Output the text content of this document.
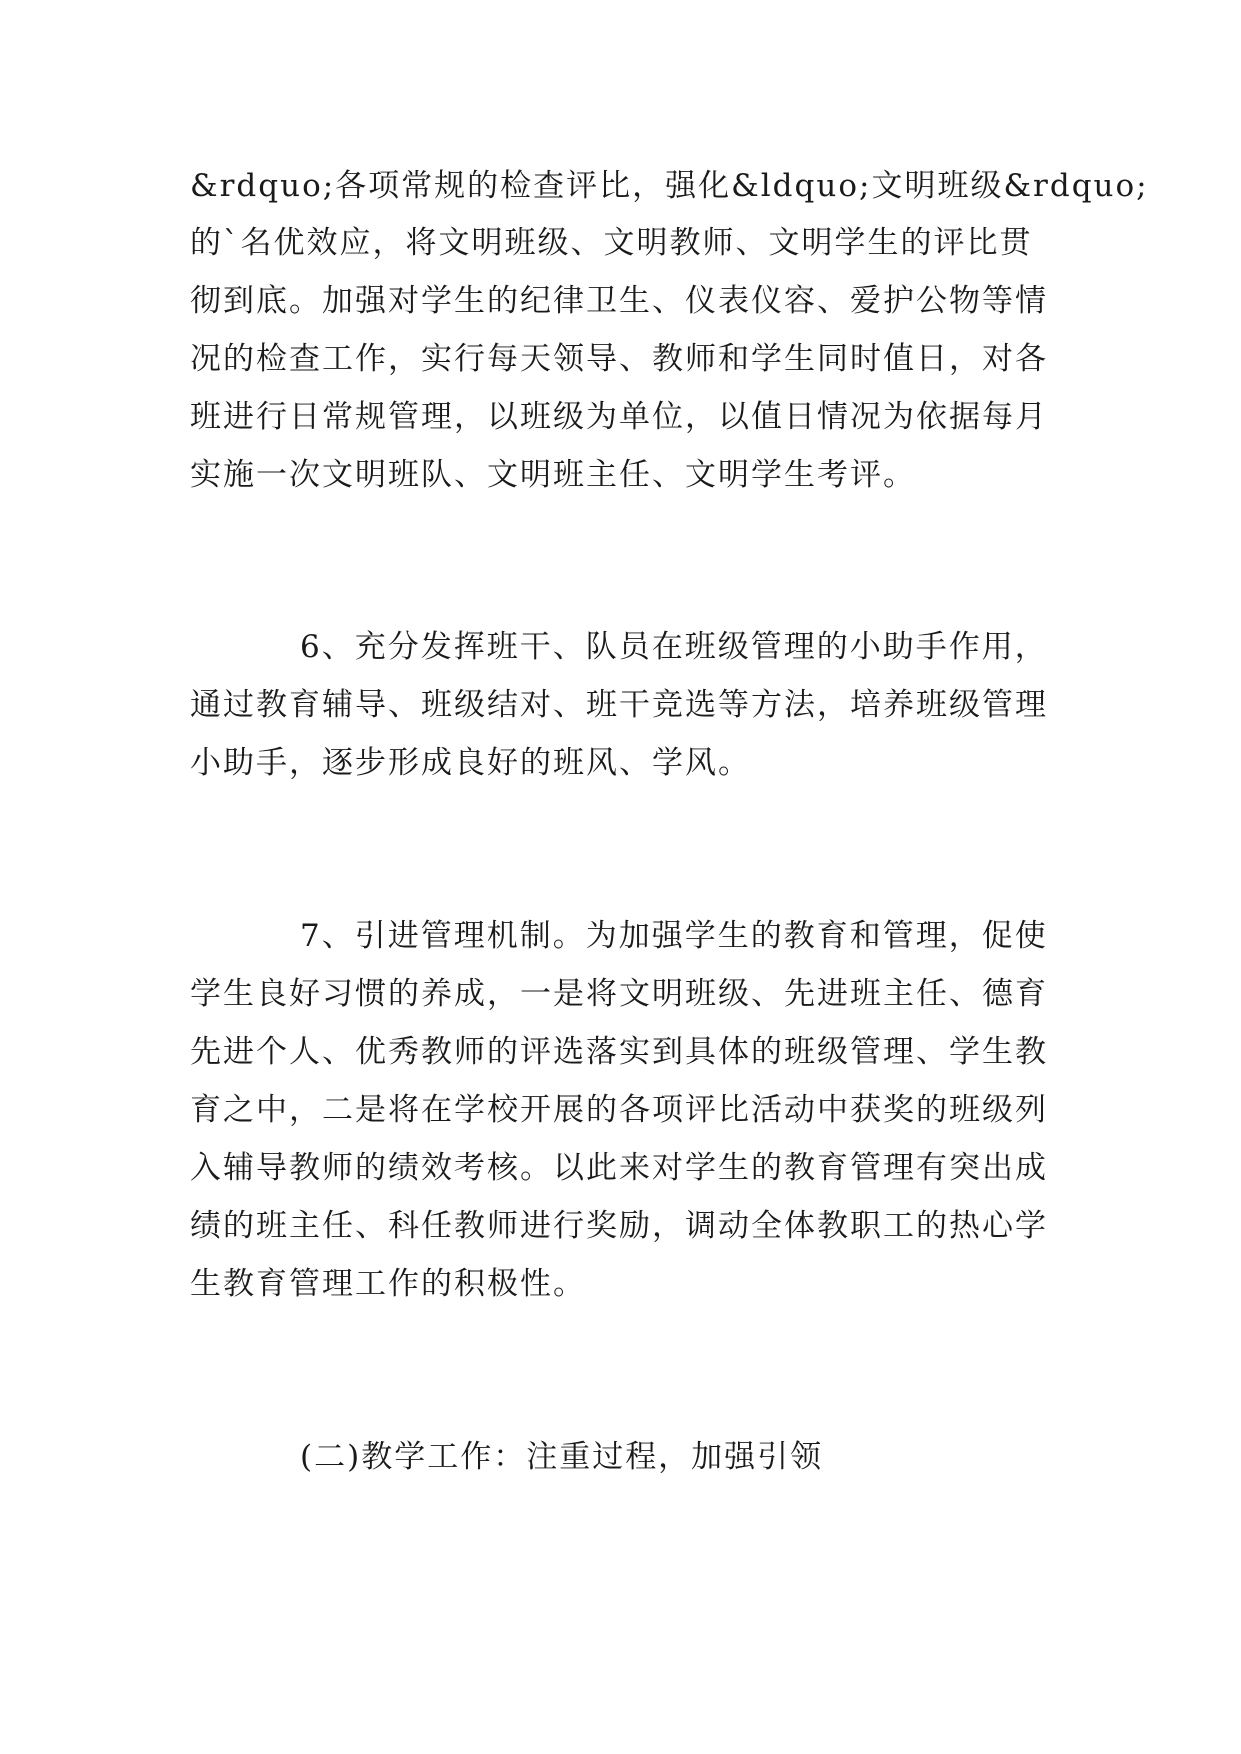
&rdquo;各项常规的检查评比，强化&ldquo;文明班级&rdquo;
的`名优效应，将文明班级、文明教师、文明学生的评比贯
彻到底。加强对学生的纪律卫生、仪表仪容、爱护公物等情
况的检查工作，实行每天领导、教师和学生同时值日，对各
班进行日常规管理，以班级为单位，以值日情况为依据每月
实施一次文明班队、文明班主任、文明学生考评。
6、充分发挥班干、队员在班级管理的小助手作用，
通过教育辅导、班级结对、班干竞选等方法，培养班级管理
小助手，逐步形成良好的班风、学风。
7、引进管理机制。为加强学生的教育和管理，促使
学生良好习惯的养成，一是将文明班级、先进班主任、德育
先进个人、优秀教师的评选落实到具体的班级管理、学生教
育之中，二是将在学校开展的各项评比活动中获奖的班级列
入辅导教师的绩效考核。以此来对学生的教育管理有突出成
绩的班主任、科任教师进行奖励，调动全体教职工的热心学
生教育管理工作的积极性。
(二)教学工作：注重过程，加强引领
